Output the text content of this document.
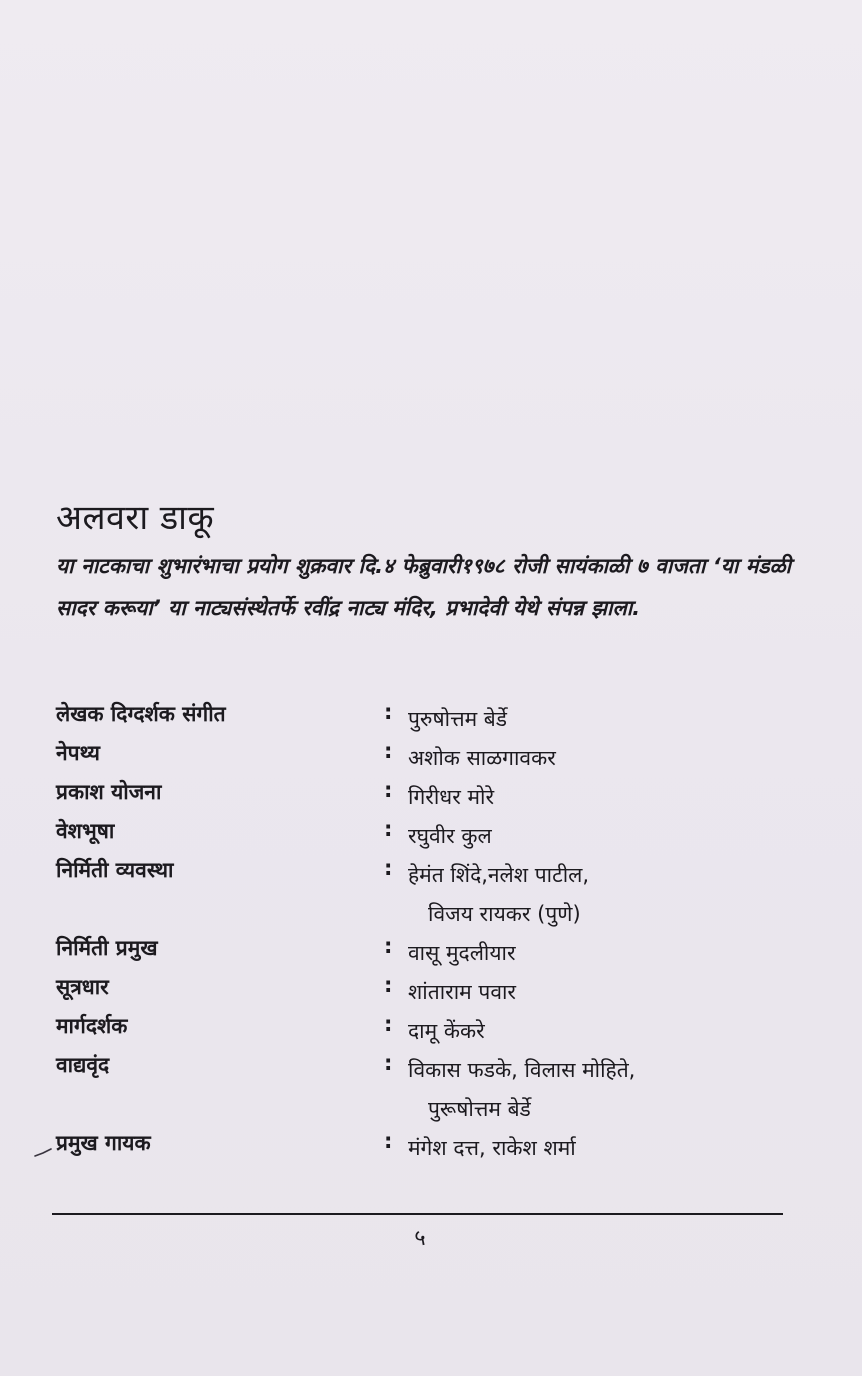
अलवरा डाकू

या नाटकाचा शुभारंभाचा प्रयोग शुक्रवार दि.४ फेब्रुवारी१९७८ रोजी सायंकाळी ७ वाजता ‘या मंडळी सादर करूया’ या नाट्यसंस्थेतर्फे रवींद्र नाट्य मंदिर, प्रभादेवी येथे संपन्न झाला.

लेखक दिग्दर्शक संगीत	: पुरुषोत्तम बेर्डे
नेपथ्य	: अशोक साळगावकर
प्रकाश योजना	: गिरीधर मोरे
वेशभूषा	: रघुवीर कुल
निर्मिती व्यवस्था	: हेमंत शिंदे,नलेश पाटील,
विजय रायकर (पुणे)
निर्मिती प्रमुख	: वासू मुदलीयार
सूत्रधार	: शांताराम पवार
मार्गदर्शक	: दामू केंकरे
वाद्यवृंद	: विकास फडके, विलास मोहिते,
पुरूषोत्तम बेर्डे
प्रमुख गायक	: मंगेश दत्त, राकेश शर्मा
५
